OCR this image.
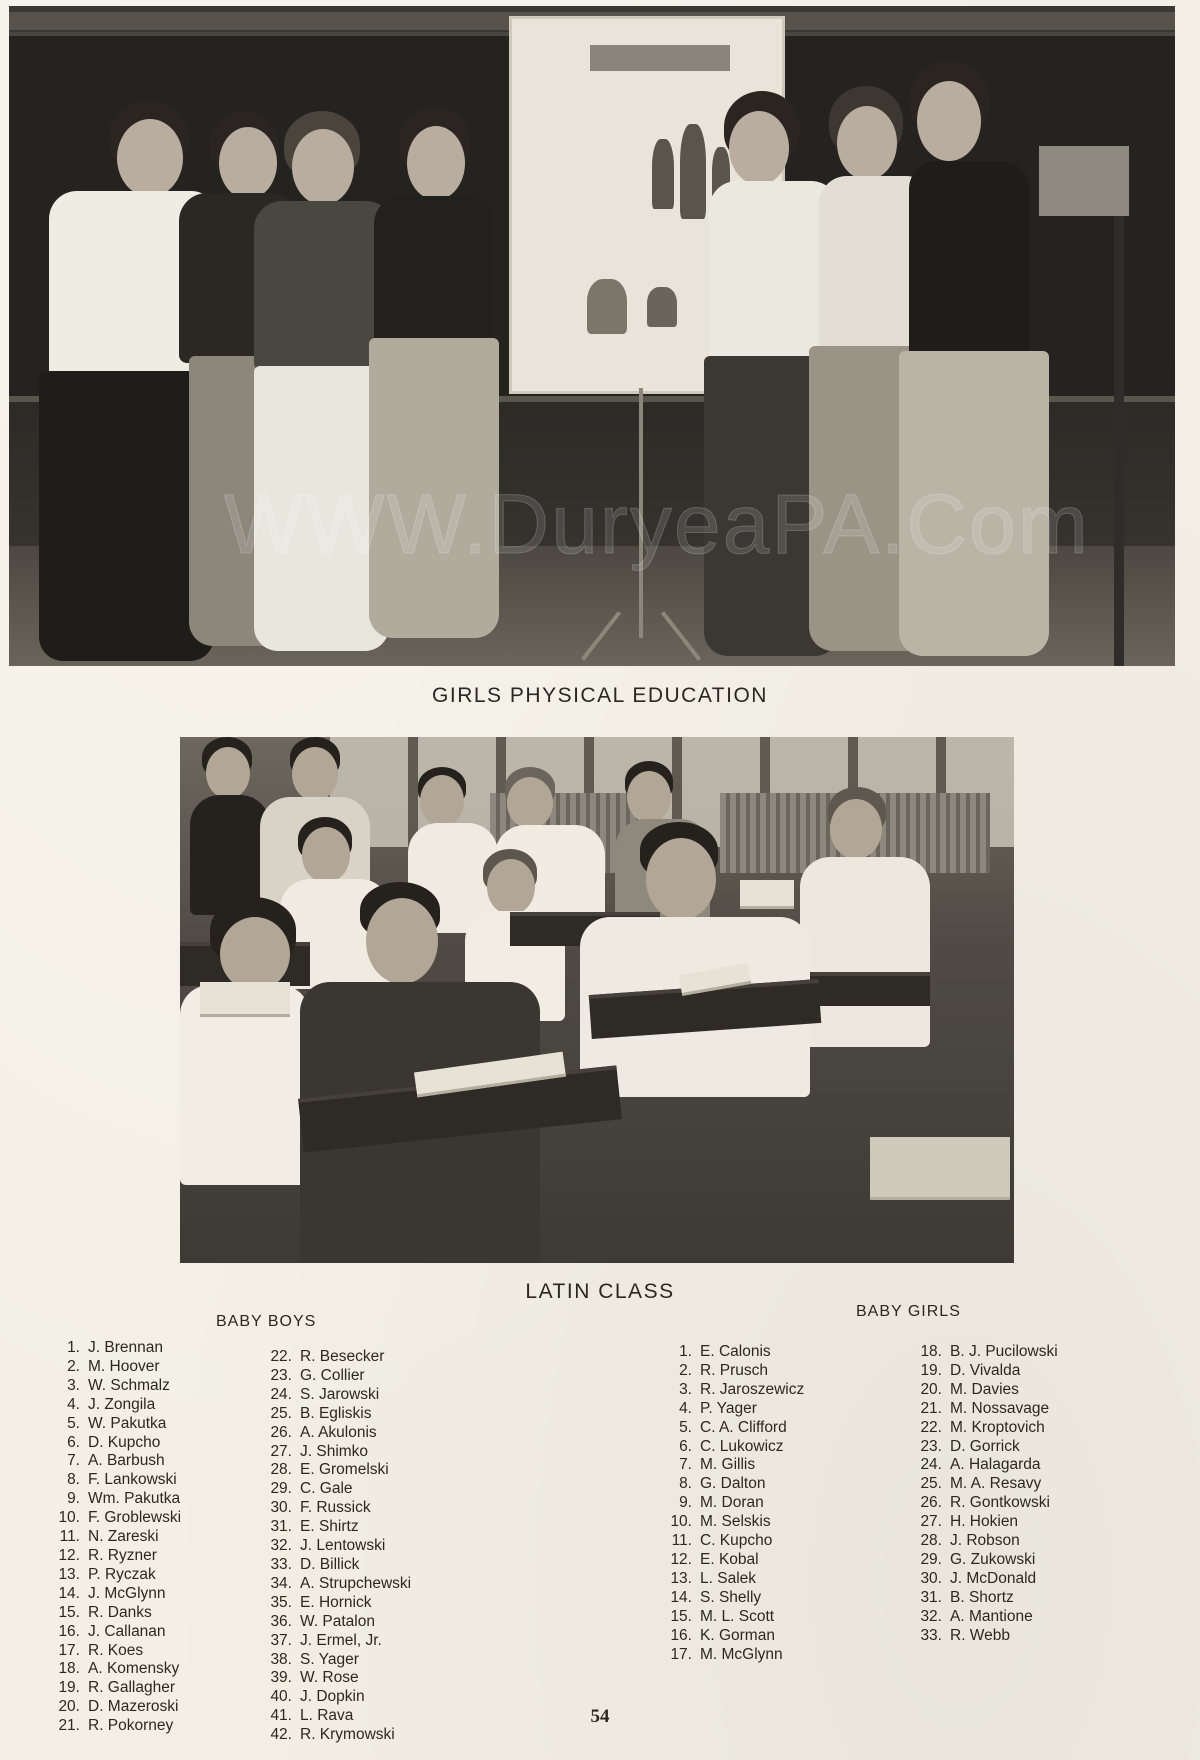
WWW.DuryeaPA.Com
GIRLS PHYSICAL EDUCATION
LATIN CLASS
BABY BOYS
1. J. Brennan
2. M. Hoover
3. W. Schmalz
4. J. Zongila
5. W. Pakutka
6. D. Kupcho
7. A. Barbush
8. F. Lankowski
9. Wm. Pakutka
10. F. Groblewski
11. N. Zareski
12. R. Ryzner
13. P. Ryczak
14. J. McGlynn
15. R. Danks
16. J. Callanan
17. R. Koes
18. A. Komensky
19. R. Gallagher
20. D. Mazeroski
21. R. Pokorney
22. R. Besecker
23. G. Collier
24. S. Jarowski
25. B. Egliskis
26. A. Akulonis
27. J. Shimko
28. E. Gromelski
29. C. Gale
30. F. Russick
31. E. Shirtz
32. J. Lentowski
33. D. Billick
34. A. Strupchewski
35. E. Hornick
36. W. Patalon
37. J. Ermel, Jr.
38. S. Yager
39. W. Rose
40. J. Dopkin
41. L. Rava
42. R. Krymowski
BABY GIRLS
1. E. Calonis
2. R. Prusch
3. R. Jaroszewicz
4. P. Yager
5. C. A. Clifford
6. C. Lukowicz
7. M. Gillis
8. G. Dalton
9. M. Doran
10. M. Selskis
11. C. Kupcho
12. E. Kobal
13. L. Salek
14. S. Shelly
15. M. L. Scott
16. K. Gorman
17. M. McGlynn
18. B. J. Pucilowski
19. D. Vivalda
20. M. Davies
21. M. Nossavage
22. M. Kroptovich
23. D. Gorrick
24. A. Halagarda
25. M. A. Resavy
26. R. Gontkowski
27. H. Hokien
28. J. Robson
29. G. Zukowski
30. J. McDonald
31. B. Shortz
32. A. Mantione
33. R. Webb
54
